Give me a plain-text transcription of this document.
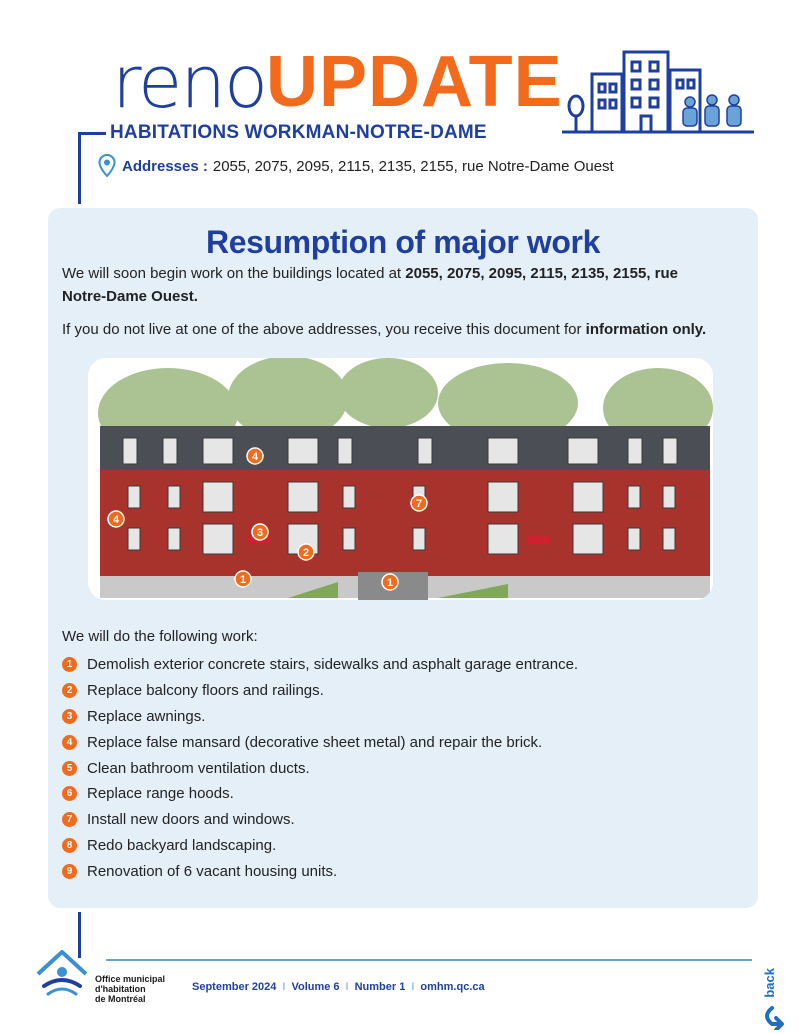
reno UPDATE
HABITATIONS WORKMAN-NOTRE-DAME
Addresses : 2055, 2075, 2095, 2115, 2135, 2155, rue Notre-Dame Ouest
Resumption of major work
We will soon begin work on the buildings located at 2055, 2075, 2095, 2115, 2135, 2155, rue Notre-Dame Ouest.
If you do not live at one of the above addresses, you receive this document for information only.
4
4
7
3
2
1	1
We will do the following work:
1 Demolish exterior concrete stairs, sidewalks and asphalt garage entrance.
2 Replace balcony floors and railings.
3 Replace awnings.
4 Replace false mansard (decorative sheet metal) and repair the brick.
5 Clean bathroom ventilation ducts.
6 Replace range hoods.
7 Install new doors and windows.
8 Redo backyard landscaping.
9 Renovation of 6 vacant housing units.
Office municipal
d'habitation
de Montréal
September 2024 I Volume 6 I Number 1 I omhm.qc.ca	back
